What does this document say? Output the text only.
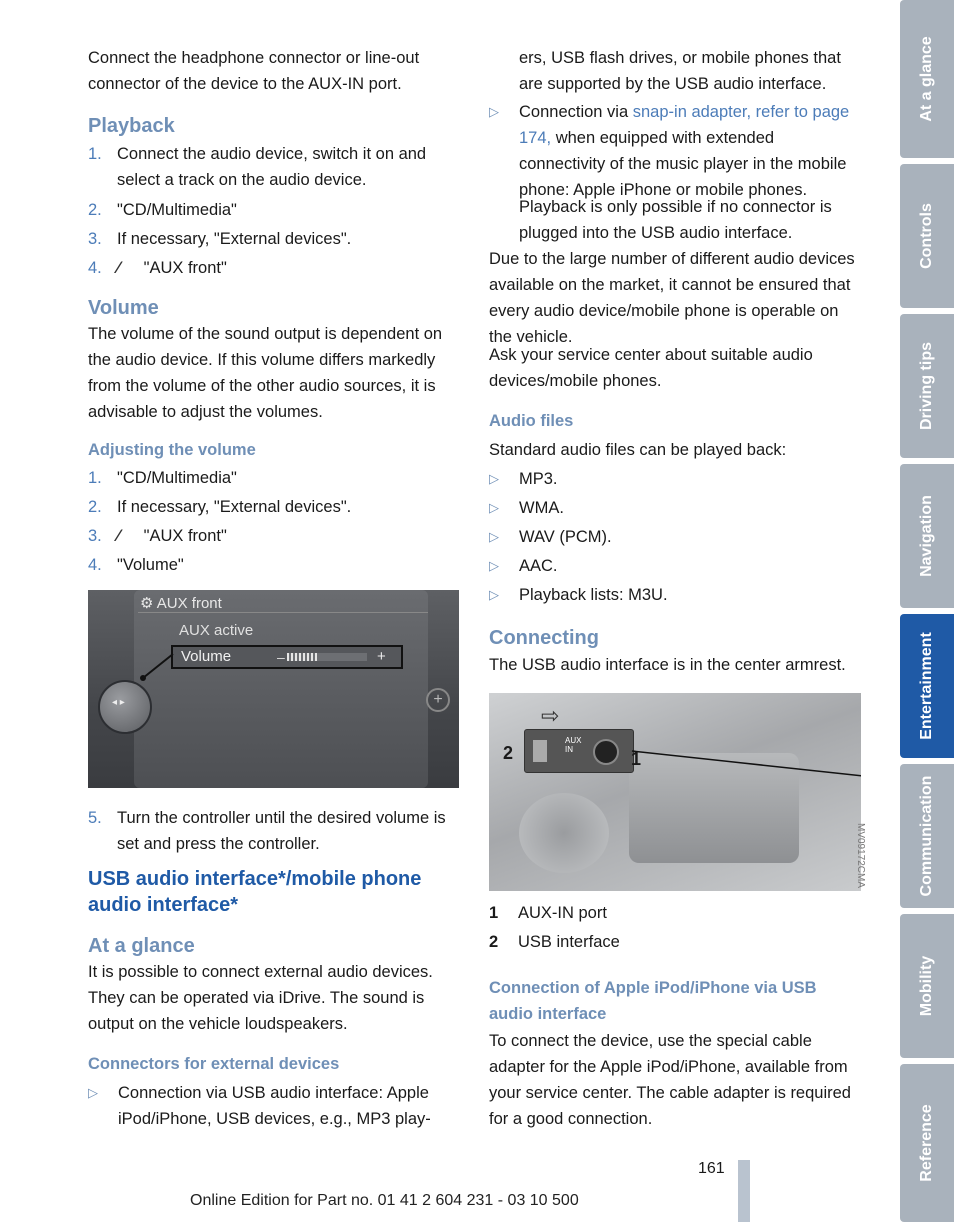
Connect the headphone connector or line-out connector of the device to the AUX-IN port.

Playback

1. Connect the audio device, switch it on and select a track on the audio device.
2. "CD/Multimedia"
3. If necessary, "External devices".
4. ⁄ "AUX front"

Volume

The volume of the sound output is dependent on the audio device. If this volume differs markedly from the volume of the other audio sources, it is advisable to adjust the volumes.

Adjusting the volume

1. "CD/Multimedia"
2. If necessary, "External devices".
3. ⁄ "AUX front"
4. "Volume"
⚙ AUX front
AUX active
Volume	–	+
◂ ▸	+
5. Turn the controller until the desired volume is set and press the controller.

USB audio interface*/mobile phone audio interface*

At a glance

It is possible to connect external audio devices. They can be operated via iDrive. The sound is output on the vehicle loudspeakers.

Connectors for external devices

▷	Connection via USB audio interface: Apple iPod/iPhone, USB devices, e.g., MP3 play-

ers, USB flash drives, or mobile phones that are supported by the USB audio interface.

▷	Connection via snap-in adapter, refer to page 174, when equipped with extended connectivity of the music player in the mobile phone: Apple iPhone or mobile phones.

Playback is only possible if no connector is plugged into the USB audio interface.

Due to the large number of different audio devices available on the market, it cannot be ensured that every audio device/mobile phone is operable on the vehicle.

Ask your service center about suitable audio devices/mobile phones.

Audio files

Standard audio files can be played back:

▷	MP3.
▷	WMA.
▷	WAV (PCM).
▷	AAC.
▷	Playback lists: M3U.

Connecting

The USB audio interface is in the center armrest.

AUX IN
⇨
2	1
MV09172CMA
1	AUX-IN port
2	USB interface

Connection of Apple iPod/iPhone via USB audio interface

To connect the device, use the special cable adapter for the Apple iPod/iPhone, available from your service center. The cable adapter is required for a good connection.

At a glance
Controls
Driving tips
Navigation
Entertainment
Communication
Mobility
Reference
161
Online Edition for Part no. 01 41 2 604 231 - 03 10 500
